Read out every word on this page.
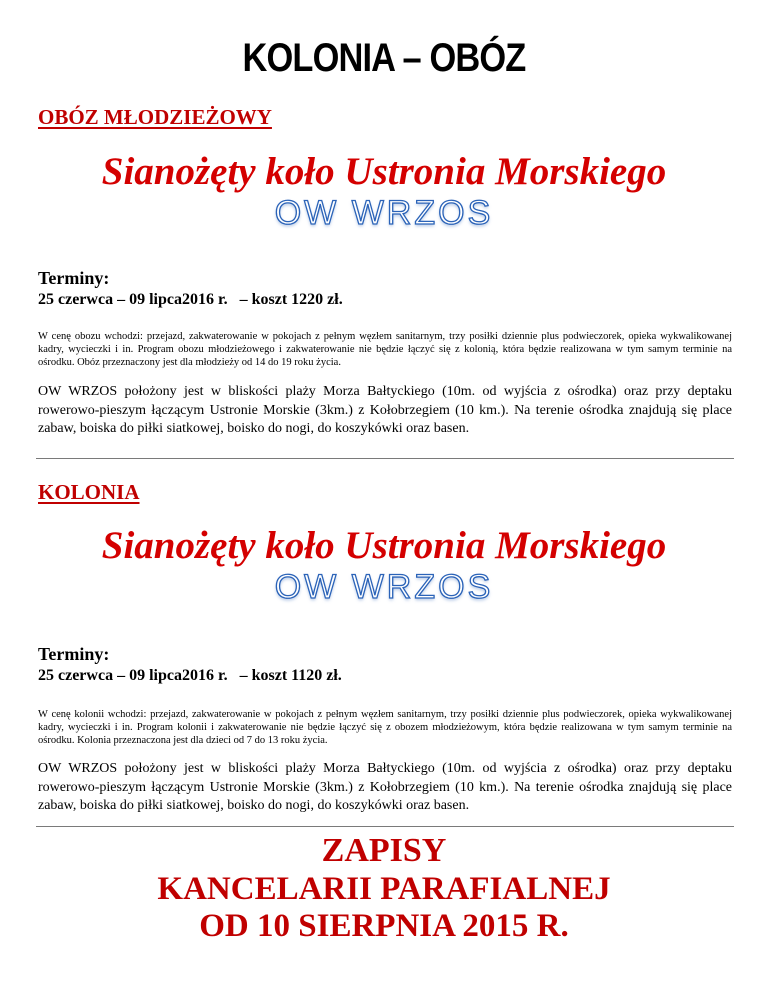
KOLONIA – OBÓZ
OBÓZ MŁODZIEŻOWY
Sianożęty koło Ustronia Morskiego
OW WRZOS
Terminy:
25 czerwca – 09 lipca2016 r.   – koszt 1220 zł.
W cenę obozu wchodzi: przejazd, zakwaterowanie w pokojach z pełnym węzłem sanitarnym, trzy posiłki dziennie plus podwieczorek, opieka wykwalikowanej kadry, wycieczki i in. Program obozu młodzieżowego i zakwaterowanie nie będzie łączyć się z kolonią, która będzie realizowana w tym samym terminie na ośrodku. Obóz przeznaczony jest dla młodzieży od 14 do 19 roku życia.
OW WRZOS położony jest w bliskości plaży Morza Bałtyckiego (10m. od wyjścia z ośrodka) oraz przy deptaku rowerowo-pieszym łączącym Ustronie Morskie (3km.) z Kołobrzegiem (10 km.). Na terenie ośrodka znajdują się place zabaw, boiska do piłki siatkowej, boisko do nogi, do koszykówki oraz basen.
KOLONIA
Sianożęty koło Ustronia Morskiego
OW WRZOS
Terminy:
25 czerwca – 09 lipca2016 r.   – koszt 1120 zł.
W cenę kolonii wchodzi: przejazd, zakwaterowanie w pokojach z pełnym węzłem sanitarnym, trzy posiłki dziennie plus podwieczorek, opieka wykwalikowanej kadry, wycieczki i in. Program kolonii i zakwaterowanie nie będzie łączyć się z obozem młodzieżowym, która będzie realizowana w tym samym terminie na ośrodku. Kolonia przeznaczona jest dla dzieci od 7 do 13 roku życia.
OW WRZOS położony jest w bliskości plaży Morza Bałtyckiego (10m. od wyjścia z ośrodka) oraz przy deptaku rowerowo-pieszym łączącym Ustronie Morskie (3km.) z Kołobrzegiem (10 km.). Na terenie ośrodka znajdują się place zabaw, boiska do piłki siatkowej, boisko do nogi, do koszykówki oraz basen.
ZAPISY
KANCELARII PARAFIALNEJ
OD 10 SIERPNIA 2015 R.
